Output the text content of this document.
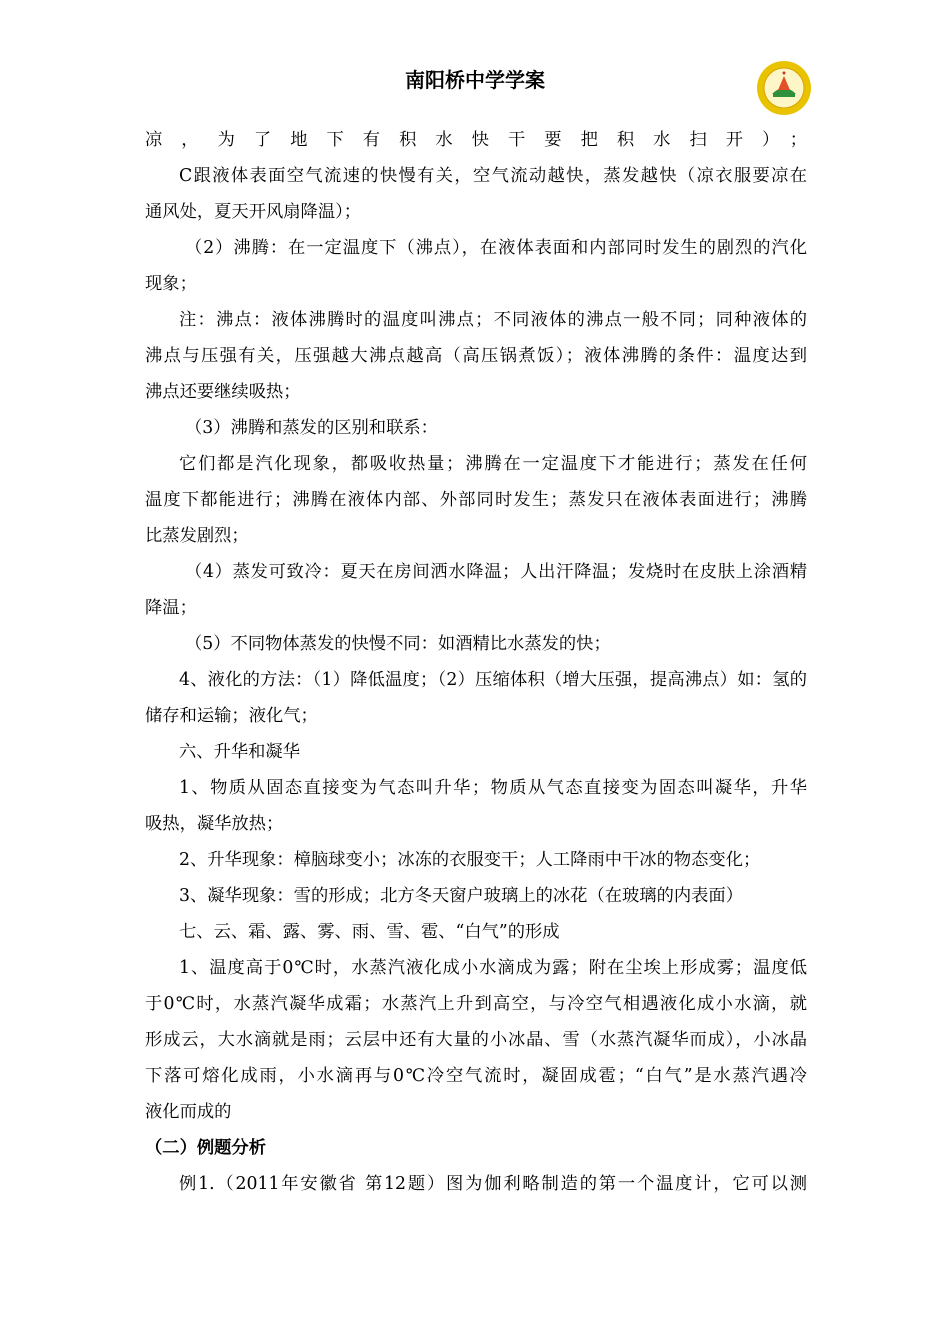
南阳桥中学学案
凉，为了地下有积水快干要把积水扫开）；
C跟液体表面空气流速的快慢有关，空气流动越快，蒸发越快（凉衣服要凉在
通风处，夏天开风扇降温）；
（2）沸腾：在一定温度下（沸点），在液体表面和内部同时发生的剧烈的汽化
现象；
注：沸点：液体沸腾时的温度叫沸点；不同液体的沸点一般不同；同种液体的
沸点与压强有关，压强越大沸点越高（高压锅煮饭）；液体沸腾的条件：温度达到
沸点还要继续吸热；
（3）沸腾和蒸发的区别和联系：
它们都是汽化现象，都吸收热量；沸腾在一定温度下才能进行；蒸发在任何
温度下都能进行；沸腾在液体内部、外部同时发生；蒸发只在液体表面进行；沸腾
比蒸发剧烈；
（4）蒸发可致冷：夏天在房间洒水降温；人出汗降温；发烧时在皮肤上涂酒精
降温；
（5）不同物体蒸发的快慢不同：如酒精比水蒸发的快；
4、液化的方法：（1）降低温度；（2）压缩体积（增大压强，提高沸点）如：氢的
储存和运输；液化气；
六、升华和凝华
1、物质从固态直接变为气态叫升华；物质从气态直接变为固态叫凝华，升华
吸热，凝华放热；
2、升华现象：樟脑球变小；冰冻的衣服变干；人工降雨中干冰的物态变化；
3、凝华现象：雪的形成；北方冬天窗户玻璃上的冰花（在玻璃的内表面）
七、云、霜、露、雾、雨、雪、雹、“白气”的形成
1、温度高于0℃时，水蒸汽液化成小水滴成为露；附在尘埃上形成雾；温度低
于0℃时，水蒸汽凝华成霜；水蒸汽上升到高空，与冷空气相遇液化成小水滴，就
形成云，大水滴就是雨；云层中还有大量的小冰晶、雪（水蒸汽凝华而成），小冰晶
下落可熔化成雨，小水滴再与0℃冷空气流时，凝固成雹；“白气”是水蒸汽遇冷
液化而成的
（二）例题分析
例1.（2011年安徽省 第12题）图为伽利略制造的第一个温度计，它可以测
